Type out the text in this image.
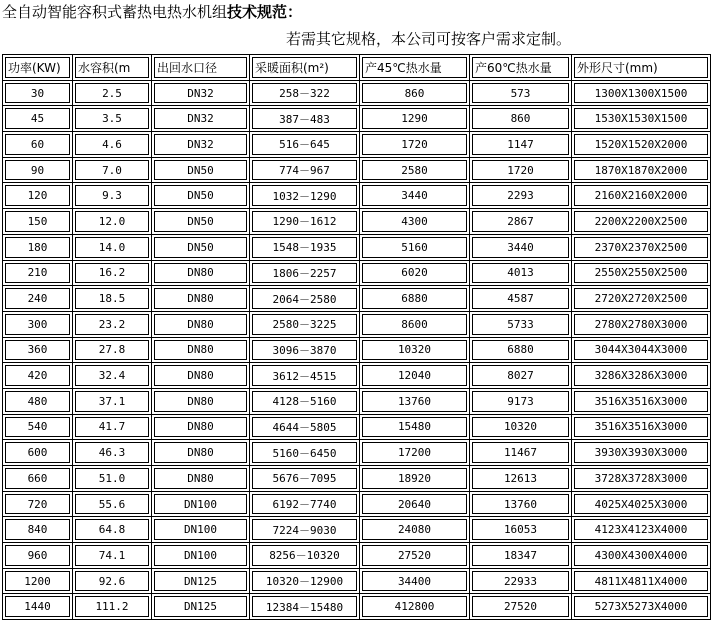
全自动智能容积式蓄热电热水机组技术规范：
若需其它规格，本公司可按客户需求定制。
功率(KW)	水容积(m	出回水口径	采暖面积(m²)	产45℃热水量	产60℃热水量	外形尺寸(mm)
30	2.5	DN32	258－322	860	573	1300X1300X1500
45	3.5	DN32	387－483	1290	860	1530X1530X1500
60	4.6	DN32	516－645	1720	1147	1520X1520X2000
90	7.0	DN50	774－967	2580	1720	1870X1870X2000
120	9.3	DN50	1032－1290	3440	2293	2160X2160X2000
150	12.0	DN50	1290－1612	4300	2867	2200X2200X2500
180	14.0	DN50	1548－1935	5160	3440	2370X2370X2500
210	16.2	DN80	1806－2257	6020	4013	2550X2550X2500
240	18.5	DN80	2064－2580	6880	4587	2720X2720X2500
300	23.2	DN80	2580－3225	8600	5733	2780X2780X3000
360	27.8	DN80	3096－3870	10320	6880	3044X3044X3000
420	32.4	DN80	3612－4515	12040	8027	3286X3286X3000
480	37.1	DN80	4128－5160	13760	9173	3516X3516X3000
540	41.7	DN80	4644－5805	15480	10320	3516X3516X3000
600	46.3	DN80	5160－6450	17200	11467	3930X3930X3000
660	51.0	DN80	5676－7095	18920	12613	3728X3728X3000
720	55.6	DN100	6192－7740	20640	13760	4025X4025X3000
840	64.8	DN100	7224－9030	24080	16053	4123X4123X4000
960	74.1	DN100	8256－10320	27520	18347	4300X4300X4000
1200	92.6	DN125	10320－12900	34400	22933	4811X4811X4000
1440	111.2	DN125	12384－15480	412800	27520	5273X5273X4000
